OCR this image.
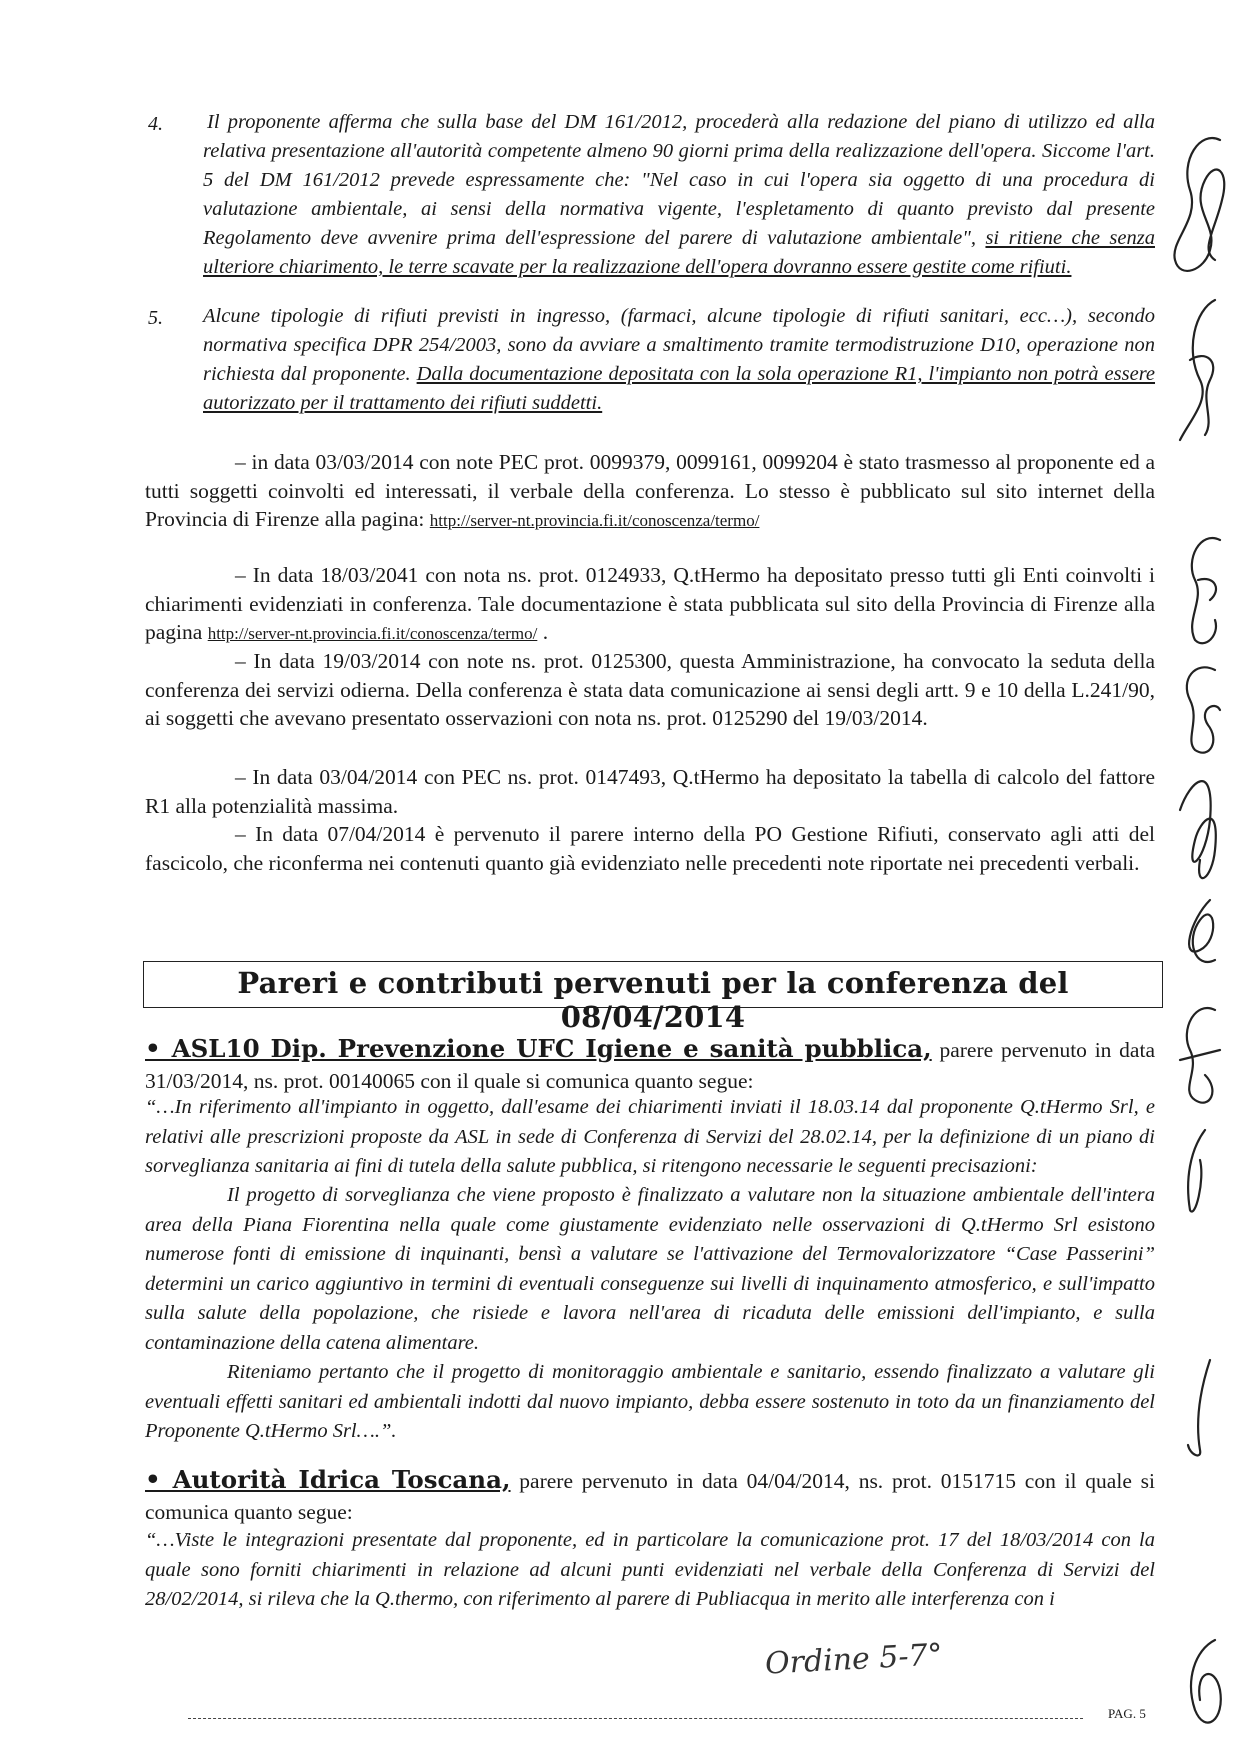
4. Il proponente afferma che sulla base del DM 161/2012, procederà alla redazione del piano di utilizzo ed alla relativa presentazione all'autorità competente almeno 90 giorni prima della realizzazione dell'opera. Siccome l'art. 5 del DM 161/2012 prevede espressamente che: "Nel caso in cui l'opera sia oggetto di una procedura di valutazione ambientale, ai sensi della normativa vigente, l'espletamento di quanto previsto dal presente Regolamento deve avvenire prima dell'espressione del parere di valutazione ambientale", si ritiene che senza ulteriore chiarimento, le terre scavate per la realizzazione dell'opera dovranno essere gestite come rifiuti.
5. Alcune tipologie di rifiuti previsti in ingresso, (farmaci, alcune tipologie di rifiuti sanitari, ecc…), secondo normativa specifica DPR 254/2003, sono da avviare a smaltimento tramite termodistruzione D10, operazione non richiesta dal proponente. Dalla documentazione depositata con la sola operazione R1, l'impianto non potrà essere autorizzato per il trattamento dei rifiuti suddetti.
– in data 03/03/2014 con note PEC prot. 0099379, 0099161, 0099204 è stato trasmesso al proponente ed a tutti soggetti coinvolti ed interessati, il verbale della conferenza. Lo stesso è pubblicato sul sito internet della Provincia di Firenze alla pagina: http://server-nt.provincia.fi.it/conoscenza/termo/
– In data 18/03/2041 con nota ns. prot. 0124933, Q.tHermo ha depositato presso tutti gli Enti coinvolti i chiarimenti evidenziati in conferenza. Tale documentazione è stata pubblicata sul sito della Provincia di Firenze alla pagina http://server-nt.provincia.fi.it/conoscenza/termo/ .
– In data 19/03/2014 con note ns. prot. 0125300, questa Amministrazione, ha convocato la seduta della conferenza dei servizi odierna. Della conferenza è stata data comunicazione ai sensi degli artt. 9 e 10 della L.241/90, ai soggetti che avevano presentato osservazioni con nota ns. prot. 0125290 del 19/03/2014.
– In data 03/04/2014 con PEC ns. prot. 0147493, Q.tHermo ha depositato la tabella di calcolo del fattore R1 alla potenzialità massima.
– In data 07/04/2014 è pervenuto il parere interno della PO Gestione Rifiuti, conservato agli atti del fascicolo, che riconferma nei contenuti quanto già evidenziato nelle precedenti note riportate nei precedenti verbali.
Pareri e contributi pervenuti per la conferenza del 08/04/2014
• ASL10 Dip. Prevenzione UFC Igiene e sanità pubblica, parere pervenuto in data 31/03/2014, ns. prot. 00140065 con il quale si comunica quanto segue:
“…In riferimento all'impianto in oggetto, dall'esame dei chiarimenti inviati il 18.03.14 dal proponente Q.tHermo Srl, e relativi alle prescrizioni proposte da ASL in sede di Conferenza di Servizi del 28.02.14, per la definizione di un piano di sorveglianza sanitaria ai fini di tutela della salute pubblica, si ritengono necessarie le seguenti precisazioni:
Il progetto di sorveglianza che viene proposto è finalizzato a valutare non la situazione ambientale dell'intera area della Piana Fiorentina nella quale come giustamente evidenziato nelle osservazioni di Q.tHermo Srl esistono numerose fonti di emissione di inquinanti, bensì a valutare se l'attivazione del Termovalorizzatore “Case Passerini” determini un carico aggiuntivo in termini di eventuali conseguenze sui livelli di inquinamento atmosferico, e sull'impatto sulla salute della popolazione, che risiede e lavora nell'area di ricaduta delle emissioni dell'impianto, e sulla contaminazione della catena alimentare.
Riteniamo pertanto che il progetto di monitoraggio ambientale e sanitario, essendo finalizzato a valutare gli eventuali effetti sanitari ed ambientali indotti dal nuovo impianto, debba essere sostenuto in toto da un finanziamento del Proponente Q.tHermo Srl….”.
• Autorità Idrica Toscana, parere pervenuto in data 04/04/2014, ns. prot. 0151715 con il quale si comunica quanto segue:
“…Viste le integrazioni presentate dal proponente, ed in particolare la comunicazione prot. 17 del 18/03/2014 con la quale sono forniti chiarimenti in relazione ad alcuni punti evidenziati nel verbale della Conferenza di Servizi del 28/02/2014, si rileva che la Q.thermo, con riferimento al parere di Publiacqua in merito alle interferenza con i
Ordine 5-7°
PAG. 5
